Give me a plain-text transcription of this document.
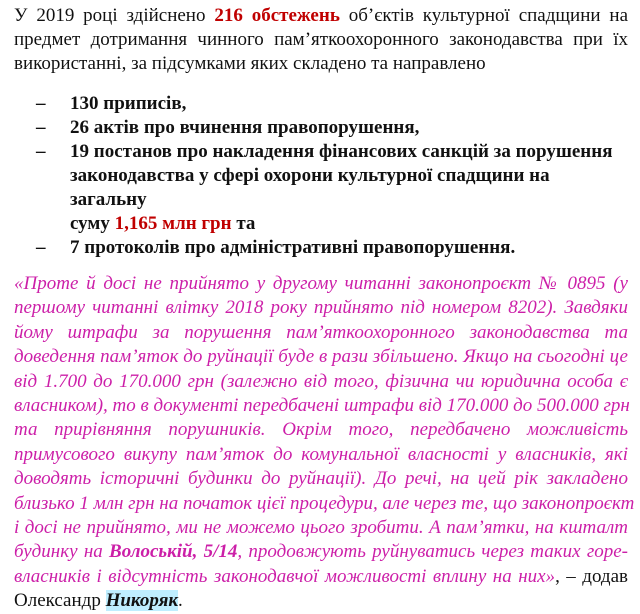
У 2019 році здійснено 216 обстежень об’єктів культурної спадщини на
предмет дотримання чинного пам’яткоохоронного законодавства при їх
використанні, за підсумками яких складено та направлено

– 130 приписів,
– 26 актів про вчинення правопорушення,
– 19 постанов про накладення фінансових санкцій за порушення
законодавства у сфері охорони культурної спадщини на загальну
суму 1,165 млн грн та
– 7 протоколів про адміністративні правопорушення.
«Проте й досі не прийнято у другому читанні законопроєкт № 0895 (у
першому читанні влітку 2018 року прийнято під номером 8202). Завдяки
йому штрафи за порушення пам’яткоохоронного законодавства та
доведення пам’яток до руйнації буде в рази збільшено. Якщо на сьогодні це
від 1.700 до 170.000 грн (залежно від того, фізична чи юридична особа є
власником), то в документі передбачені штрафи від 170.000 до 500.000 грн
та прирівняння порушників. Окрім того, передбачено можливість
примусового викупу пам’яток до комунальної власності у власників, які
доводять історичні будинки до руйнації). До речі, на цей рік закладено
близько 1 млн грн на початок цієї процедури, але через те, що законопроєкт
і досі не прийнято, ми не можемо цього зробити. А пам’ятки, на кшталт
будинку на Волоській, 5/14, продовжують руйнуватись через таких горе-
власників і відсутність законодавчої можливості вплину на них», – додав
Олександр Никоряк.
